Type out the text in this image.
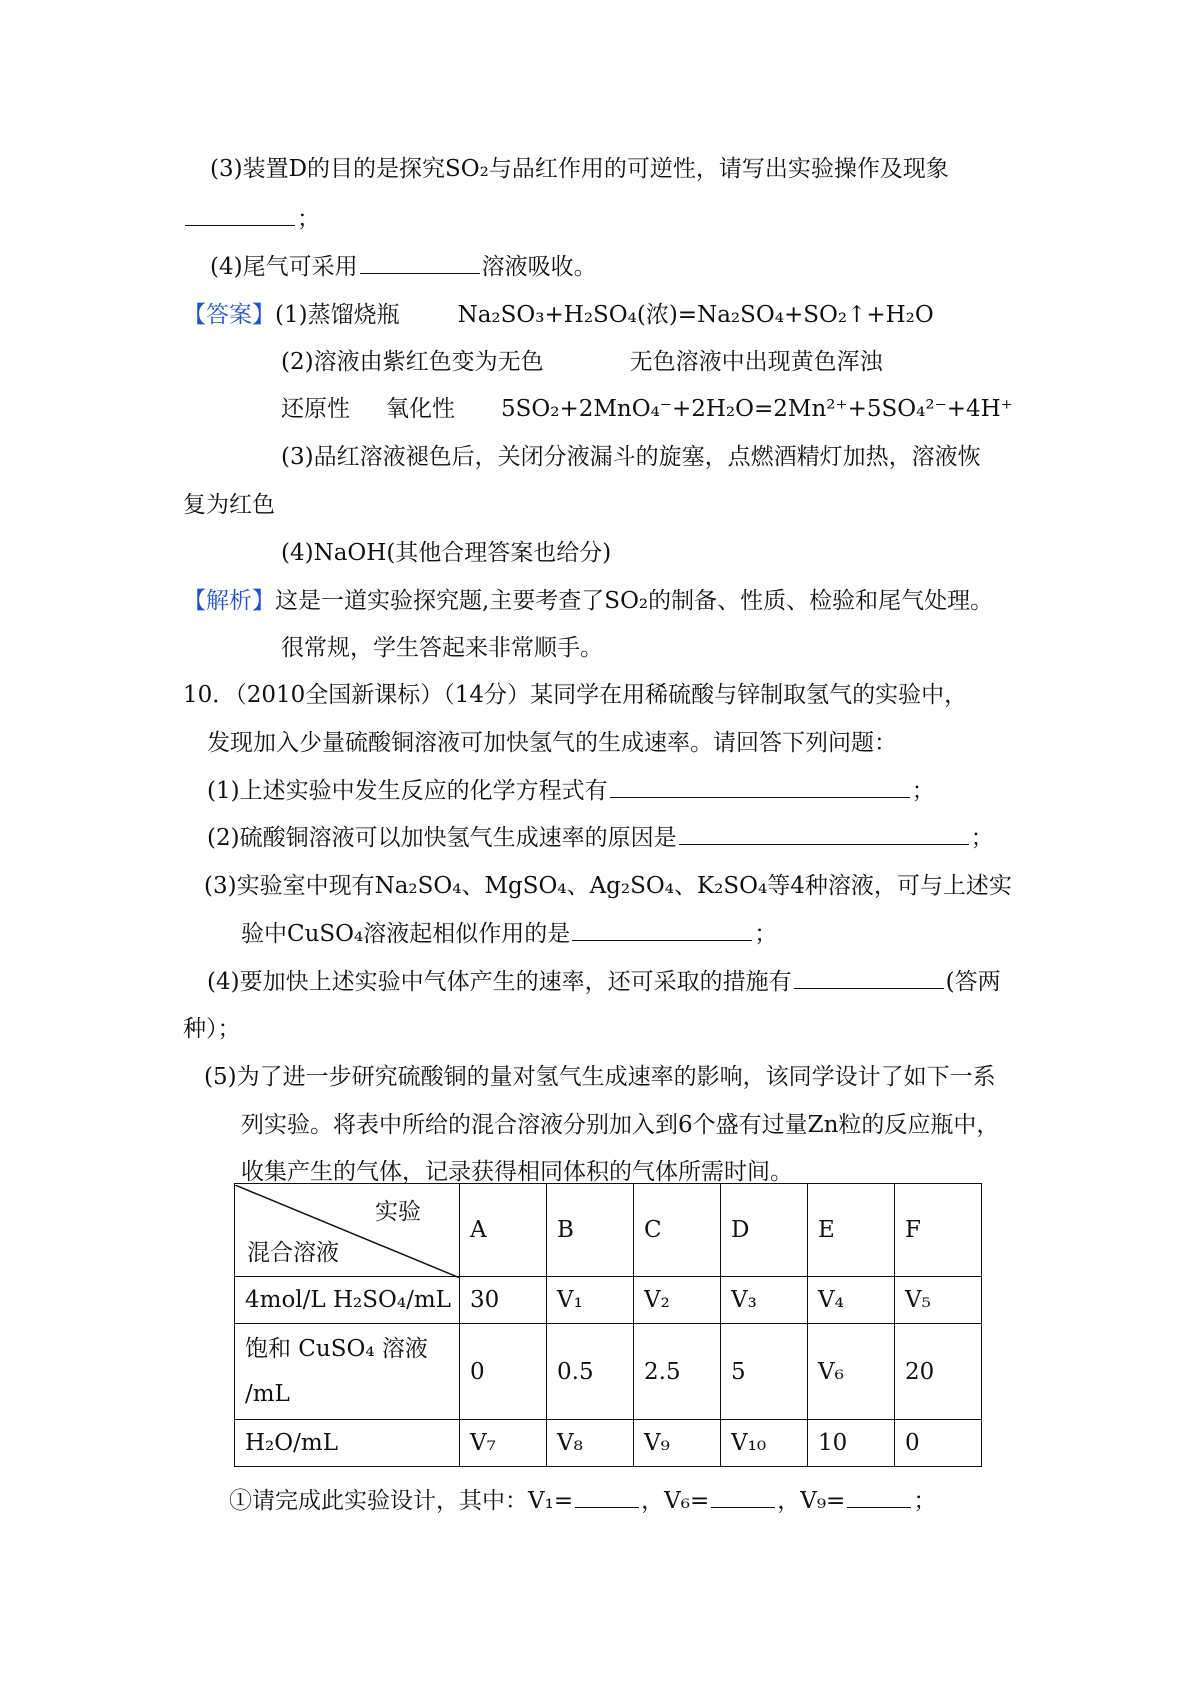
(3)装置D的目的是探究SO₂与品红作用的可逆性，请写出实验操作及现象
；
(4)尾气可采用	溶液吸收。
【答案】(1)蒸馏烧瓶	Na₂SO₃+H₂SO₄(浓)=Na₂SO₄+SO₂↑+H₂O
(2)溶液由紫红色变为无色	无色溶液中出现黄色浑浊
还原性 氧化性 5SO₂+2MnO₄⁻+2H₂O=2Mn²⁺+5SO₄²⁻+4H⁺
(3)品红溶液褪色后，关闭分液漏斗的旋塞，点燃酒精灯加热，溶液恢
复为红色
(4)NaOH(其他合理答案也给分)
【解析】这是一道实验探究题,主要考查了SO₂的制备、性质、检验和尾气处理。
很常规，学生答起来非常顺手。
10．（2010全国新课标）（14分）某同学在用稀硫酸与锌制取氢气的实验中，
发现加入少量硫酸铜溶液可加快氢气的生成速率。请回答下列问题：
(1)上述实验中发生反应的化学方程式有	；
(2)硫酸铜溶液可以加快氢气生成速率的原因是	；
(3)实验室中现有Na₂SO₄、MgSO₄、Ag₂SO₄、K₂SO₄等4种溶液，可与上述实
验中CuSO₄溶液起相似作用的是	；
(4)要加快上述实验中气体产生的速率，还可采取的措施有	(答两
种）；
(5)为了进一步研究硫酸铜的量对氢气生成速率的影响，该同学设计了如下一系
列实验。将表中所给的混合溶液分别加入到6个盛有过量Zn粒的反应瓶中，
收集产生的气体，记录获得相同体积的气体所需时间。
实验
混合溶液	A	B	C	D	E	F
4mol/L H₂SO₄/mL	30	V₁	V₂	V₃	V₄	V₅

饱和 CuSO₄ 溶液
/mL	0	0.5	2.5	5	V₆	20
H₂O/mL	V₇	V₈	V₉	V₁₀	10	0
①请完成此实验设计，其中：V₁=	，V₆=	，V₉=	；
